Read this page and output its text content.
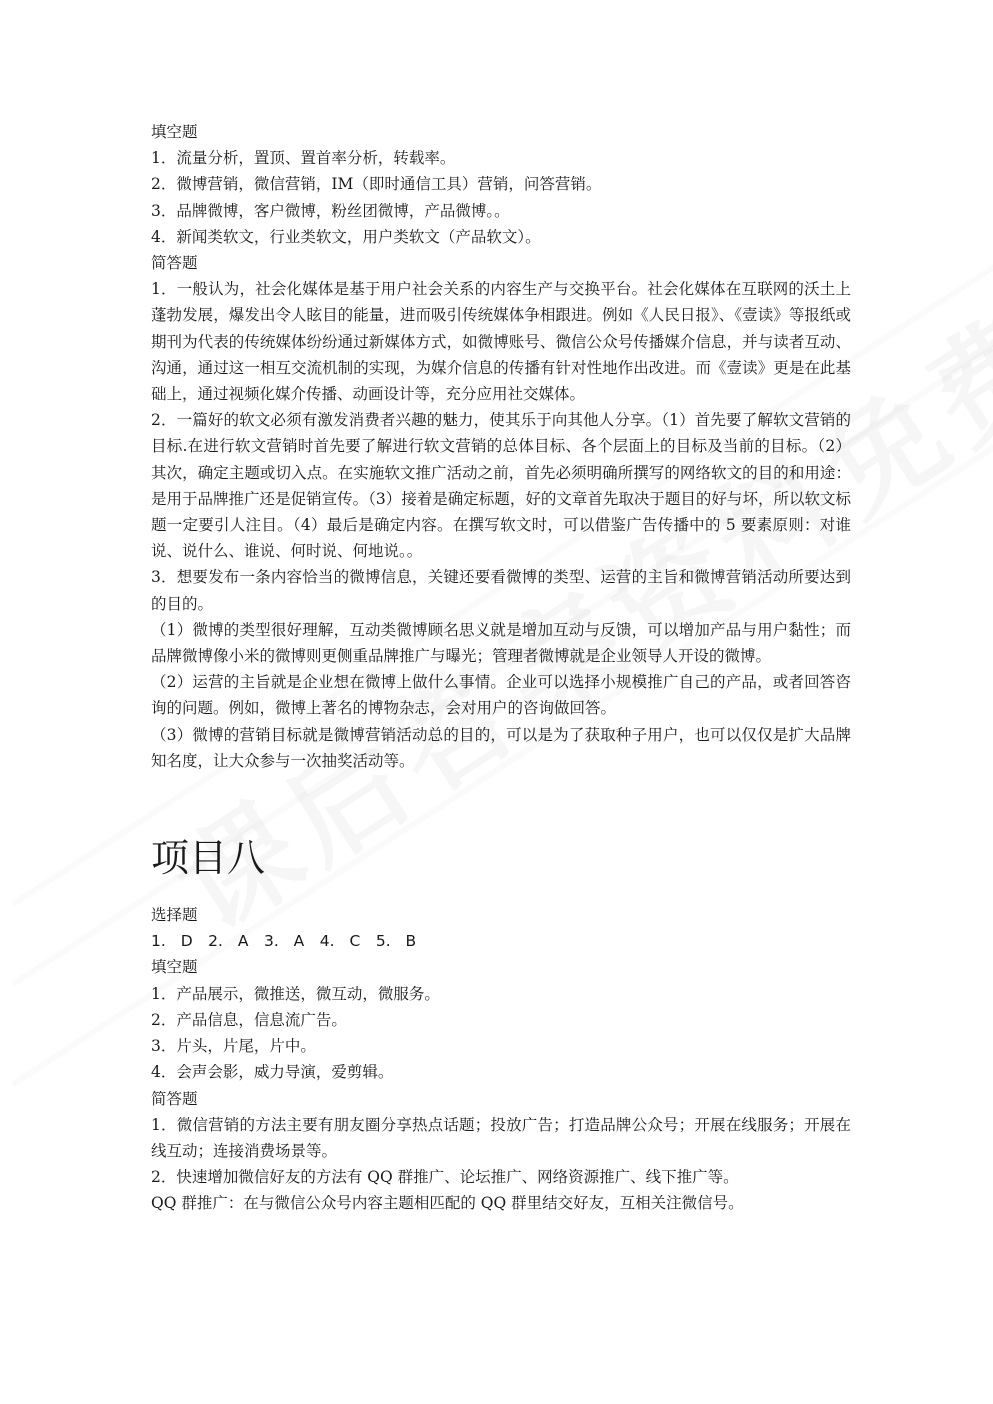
填空题
1．流量分析，置顶、置首率分析，转载率。
2．微博营销，微信营销，IM（即时通信工具）营销，问答营销。
3．品牌微博，客户微博，粉丝团微博，产品微博。。
4．新闻类软文，行业类软文，用户类软文（产品软文）。
简答题
1．一般认为，社会化媒体是基于用户社会关系的内容生产与交换平台。社会化媒体在互联网的沃土上蓬勃发展，爆发出令人眩目的能量，进而吸引传统媒体争相跟进。例如《人民日报》、《壹读》等报纸或期刊为代表的传统媒体纷纷通过新媒体方式，如微博账号、微信公众号传播媒介信息，并与读者互动、沟通，通过这一相互交流机制的实现，为媒介信息的传播有针对性地作出改进。而《壹读》更是在此基础上，通过视频化媒介传播、动画设计等，充分应用社交媒体。
2．一篇好的软文必须有激发消费者兴趣的魅力，使其乐于向其他人分享。（1）首先要了解软文营销的目标.在进行软文营销时首先要了解进行软文营销的总体目标、各个层面上的目标及当前的目标。（2）其次，确定主题或切入点。在实施软文推广活动之前，首先必须明确所撰写的网络软文的目的和用途：是用于品牌推广还是促销宣传。（3）接着是确定标题，好的文章首先取决于题目的好与坏，所以软文标题一定要引人注目。（4）最后是确定内容。在撰写软文时，可以借鉴广告传播中的 5 要素原则：对谁说、说什么、谁说、何时说、何地说。。
3．想要发布一条内容恰当的微博信息，关键还要看微博的类型、运营的主旨和微博营销活动所要达到的目的。
（1）微博的类型很好理解，互动类微博顾名思义就是增加互动与反馈，可以增加产品与用户黏性；而品牌微博像小米的微博则更侧重品牌推广与曝光；管理者微博就是企业领导人开设的微博。
（2）运营的主旨就是企业想在微博上做什么事情。企业可以选择小规模推广自己的产品，或者回答咨询的问题。例如，微博上著名的博物杂志，会对用户的咨询做回答。
（3）微博的营销目标就是微博营销活动总的目的，可以是为了获取种子用户，也可以仅仅是扩大品牌知名度，让大众参与一次抽奖活动等。
项目八
选择题
1. D　2. A　3. A　4. C　5. B
填空题
1．产品展示，微推送，微互动，微服务。
2．产品信息，信息流广告。
3．片头，片尾，片中。
4．会声会影，威力导演，爱剪辑。
简答题
1．微信营销的方法主要有朋友圈分享热点话题；投放广告；打造品牌公众号；开展在线服务；开展在线互动；连接消费场景等。
2．快速增加微信好友的方法有 QQ 群推广、论坛推广、网络资源推广、线下推广等。
QQ 群推广：在与微信公众号内容主题相匹配的 QQ 群里结交好友，互相关注微信号。
